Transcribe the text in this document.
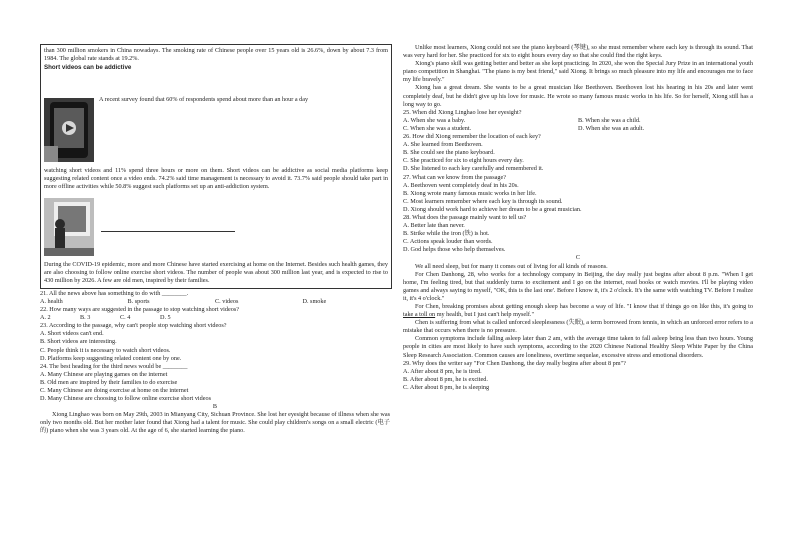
than 300 million smokers in China nowadays. The smoking rate of Chinese people over 15 years old is 26.6%, down by about 7.3 from 1984. The global rate stands at 19.2%.

Short videos can be addictive

A recent survey found that 60% of respondents spend about more than an hour a day

watching short videos and 11% spend three hours or more on them. Short videos can be addictive as social media platforms keep suggesting related content once a video ends. 74.2% said time management is necessary to avoid it. 73.7% said people should take part in more offline activities while 50.8% suggest such platforms set up an anti-addiction system.

During the COVID-19 epidemic, more and more Chinese have started exercising at home on the Internet. Besides such health games, they are also choosing to follow online exercise short videos. The number of people was about 300 million last year, and is expected to rise to 430 million by 2026. A few are old men, inspired by their families.

21. All the news above has something to do with ________.

A. health	B. sports	C. videos	D. smoke

22. How many ways are suggested in the passage to stop watching short videos?

A. 2	B. 3	C. 4	D. 5

23. According to the passage, why can't people stop watching short videos?

A. Short videos can't end.

B. Short videos are interesting.

C. People think it is necessary to watch short videos.

D. Platforms keep suggesting related content one by one.

24. The best heading for the third news would be ________

A. Many Chinese are playing games on the internet

B. Old men are inspired by their families to do exercise

C. Many Chinese are doing exercise at home on the internet

D. Many Chinese are choosing to follow online exercise short videos

B

Xiong Linghao was born on May 29th, 2003 in Mianyang City, Sichuan Province. She lost her eyesight because of illness when she was only two months old. But her mother later found that Xiong had a talent for music. She could play children's songs on a small electric (电子的) piano when she was 3 years old. At the age of 6, she started learning the piano.

Unlike most learners, Xiong could not see the piano keyboard (琴键), so she must remember where each key is through its sound. That was very hard for her. She practiced for six to eight hours every day so that she could find the right keys.

Xiong's piano skill was getting better and better as she kept practicing. In 2020, she won the Special Jury Prize in an international youth piano competition in Shanghai. "The piano is my best friend," said Xiong. It brings so much pleasure into my life and encourages me to face my life bravely."

Xiong has a great dream. She wants to be a great musician like Beethoven. Beethoven lost his hearing in his 20s and later went completely deaf, but he didn't give up his love for music. He wrote so many famous music works in his life. So for herself, Xiong still has a long way to go.

25. When did Xiong Linghao lose her eyesight?

A. When she was a baby.	B. When she was a child.
C. When she was a student.	D. When she was an adult.

26. How did Xiong remember the location of each key?

A. She learned from Beethoven.

B. She could see the piano keyboard.

C. She practiced for six to eight hours every day.

D. She listened to each key carefully and remembered it.

27. What can we know from the passage?

A. Beethoven went completely deaf in his 20s.

B. Xiong wrote many famous music works in her life.

C. Most learners remember where each key is through its sound.

D. Xiong should work hard to achieve her dream to be a great musician.

28. What does the passage mainly want to tell us?

A. Better late than never.

B. Strike while the iron (铁) is hot.

C. Actions speak louder than words.

D. God helps those who help themselves.

C

We all need sleep, but for many it comes out of living for all kinds of reasons.

For Chen Danhong, 28, who works for a technology company in Beijing, the day really just begins after about 8 p.m. "When I get home, I'm feeling tired, but that suddenly turns to excitement and I go on the internet, read books or watch movies. I'll be playing video games and always saying to myself, "OK, this is the last one'. Before I know it, it's 2 o'clock. It's the same with watching TV. Before I realize it, it's 4 o'clock."

For Chen, breaking promises about getting enough sleep has become a way of life. "I know that if things go on like this, it's going to take a toll on my health, but I just can't help myself."

Chen is suffering from what is called unforced sleeplessness (失眠), a term borrowed from tennis, in which an unforced error refers to a mistake that occurs when there is no pressure.

Common symptoms include falling asleep later than 2 am, with the average time taken to fall asleep being less than two hours. Young people in cities are most likely to have such symptoms, according to the 2020 Chinese National Healthy Sleep White Paper by the China Sleep Research Association. Common causes are loneliness, overtime sequelae, excessive stress and emotional disorders.

29. Why does the writer say "For Chen Danhong, the day really begins after about 8 pm"?

A. After about 8 pm, he is tired.

B. After about 8 pm, he is excited.

C. After about 8 pm, he is sleeping
